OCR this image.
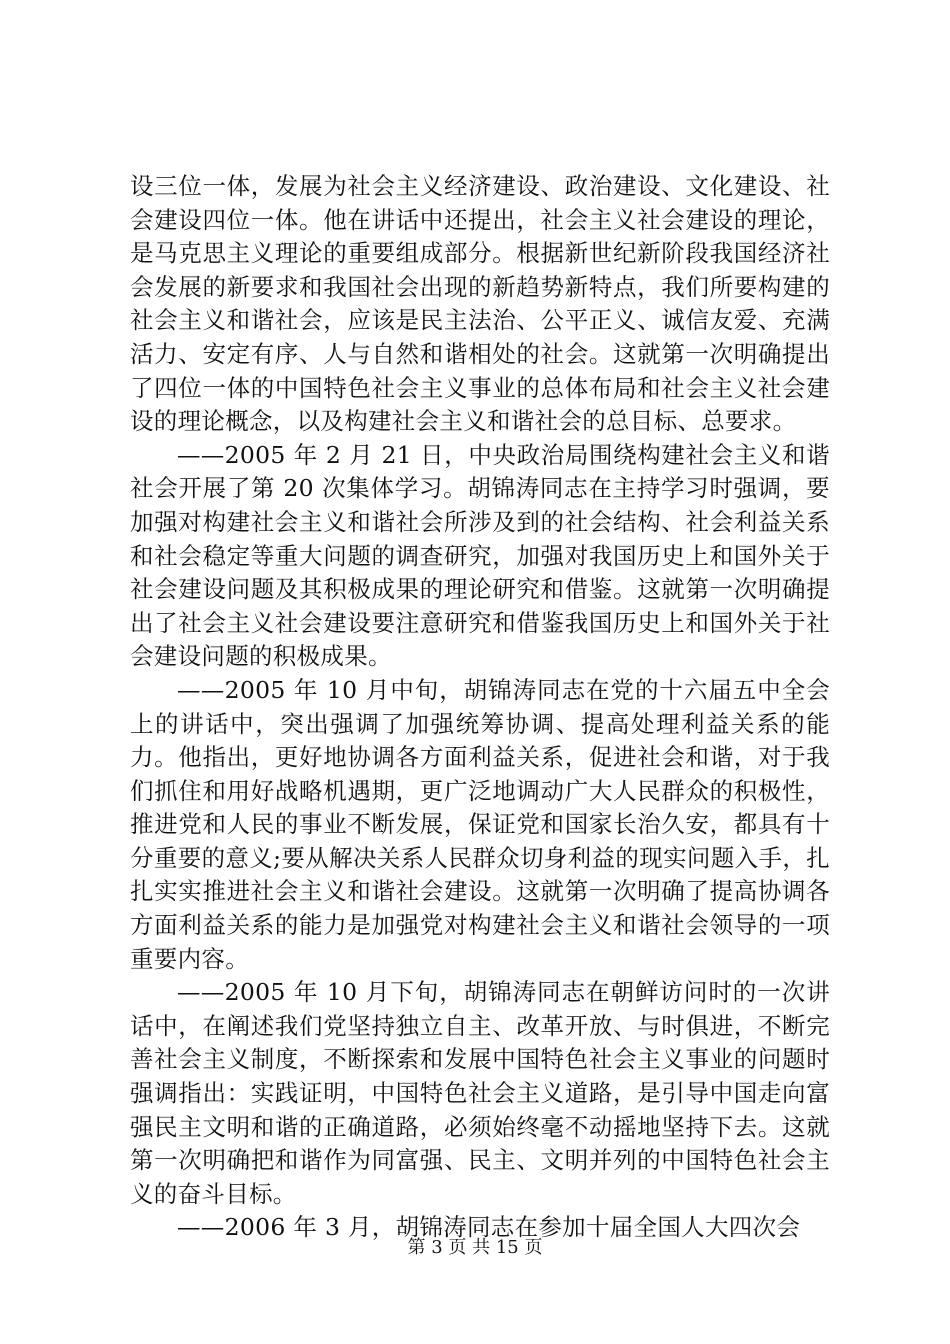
设三位一体，发展为社会主义经济建设、政治建设、文化建设、社会建设四位一体。他在讲话中还提出，社会主义社会建设的理论，是马克思主义理论的重要组成部分。根据新世纪新阶段我国经济社会发展的新要求和我国社会出现的新趋势新特点，我们所要构建的社会主义和谐社会，应该是民主法治、公平正义、诚信友爱、充满活力、安定有序、人与自然和谐相处的社会。这就第一次明确提出了四位一体的中国特色社会主义事业的总体布局和社会主义社会建设的理论概念，以及构建社会主义和谐社会的总目标、总要求。

——2005 年 2 月 21 日，中央政治局围绕构建社会主义和谐社会开展了第 20 次集体学习。胡锦涛同志在主持学习时强调，要加强对构建社会主义和谐社会所涉及到的社会结构、社会利益关系和社会稳定等重大问题的调查研究，加强对我国历史上和国外关于社会建设问题及其积极成果的理论研究和借鉴。这就第一次明确提出了社会主义社会建设要注意研究和借鉴我国历史上和国外关于社会建设问题的积极成果。

——2005 年 10 月中旬，胡锦涛同志在党的十六届五中全会上的讲话中，突出强调了加强统筹协调、提高处理利益关系的能力。他指出，更好地协调各方面利益关系，促进社会和谐，对于我们抓住和用好战略机遇期，更广泛地调动广大人民群众的积极性，推进党和人民的事业不断发展，保证党和国家长治久安，都具有十分重要的意义;要从解决关系人民群众切身利益的现实问题入手，扎扎实实推进社会主义和谐社会建设。这就第一次明确了提高协调各方面利益关系的能力是加强党对构建社会主义和谐社会领导的一项重要内容。

——2005 年 10 月下旬，胡锦涛同志在朝鲜访问时的一次讲话中，在阐述我们党坚持独立自主、改革开放、与时俱进，不断完善社会主义制度，不断探索和发展中国特色社会主义事业的问题时强调指出：实践证明，中国特色社会主义道路，是引导中国走向富强民主文明和谐的正确道路，必须始终毫不动摇地坚持下去。这就第一次明确把和谐作为同富强、民主、文明并列的中国特色社会主义的奋斗目标。

——2006 年 3 月，胡锦涛同志在参加十届全国人大四次会

第 3 页 共 15 页
